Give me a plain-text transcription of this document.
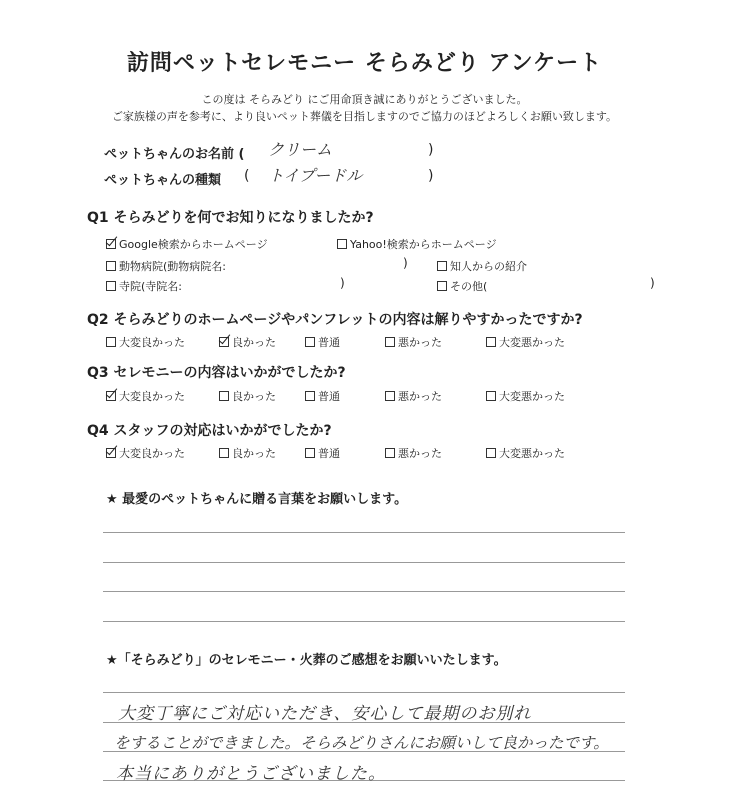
訪問ペットセレモニー そらみどり アンケート
この度は そらみどり にご用命頂き誠にありがとうございました。
ご家族様の声を参考に、より良いペット葬儀を目指しますのでご協力のほどよろしくお願い致します。
ペットちゃんのお名前 ( クリーム	)
ペットちゃんの種類 ( トイプードル	)
Q1 そらみどりを何でお知りになりましたか?
Google検索からホームページ	Yahoo!検索からホームページ
動物病院(動物病院名:	)	知人からの紹介
寺院(寺院名:	)	その他(	)
Q2 そらみどりのホームページやパンフレットの内容は解りやすかったですか?
大変良かった	良かった	普通	悪かった	大変悪かった
Q3 セレモニーの内容はいかがでしたか?
大変良かった	良かった	普通	悪かった	大変悪かった
Q4 スタッフの対応はいかがでしたか?
大変良かった	良かった	普通	悪かった	大変悪かった
★ 最愛のペットちゃんに贈る言葉をお願いします。
★「そらみどり」のセレモニー・火葬のご感想をお願いいたします。
大変丁寧にご対応いただき、安心して最期のお別れ
をすることができました。そらみどりさんにお願いして良かったです。
本当にありがとうございました。
